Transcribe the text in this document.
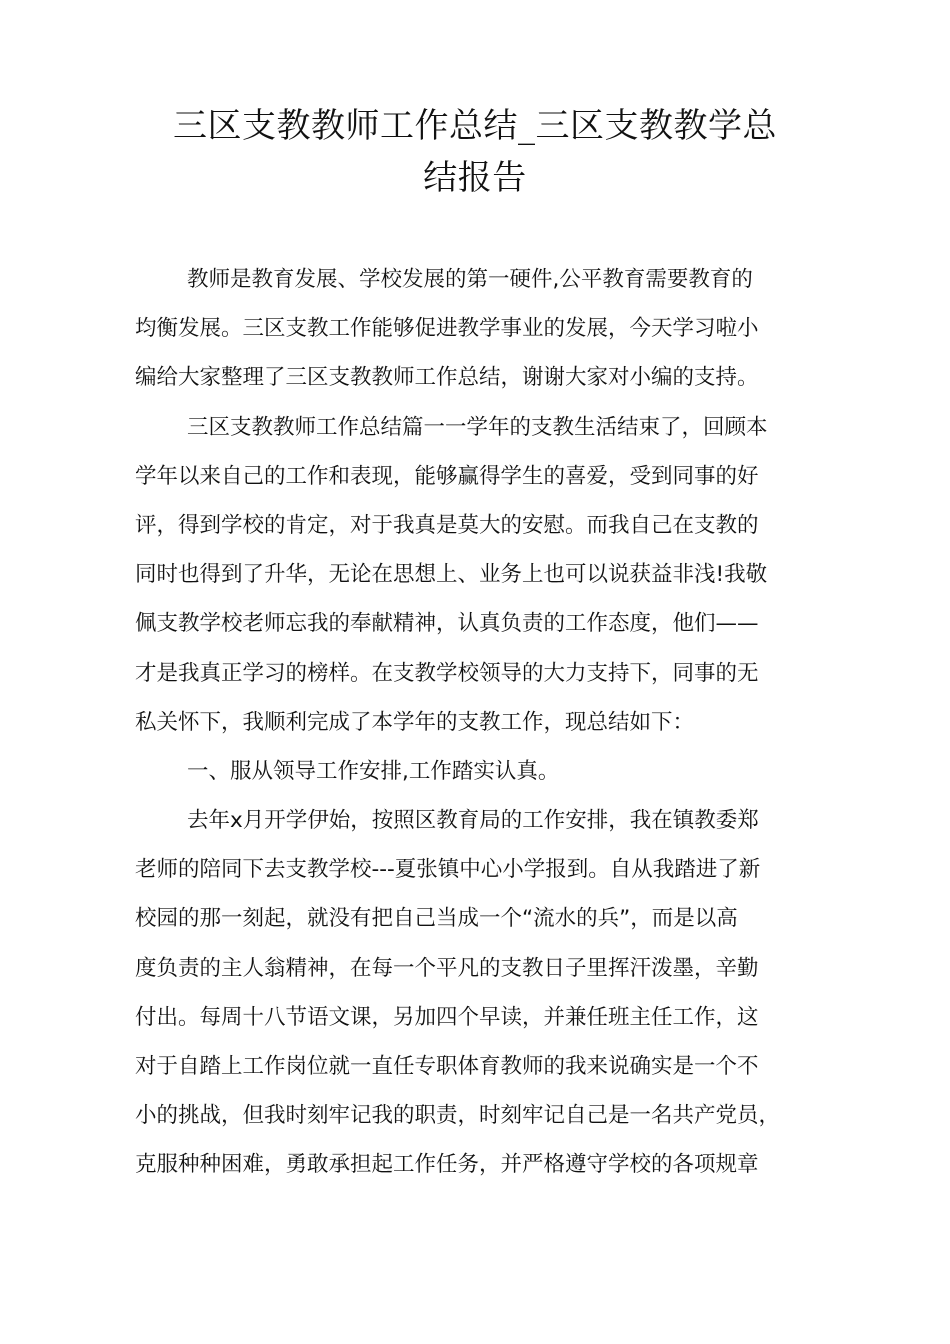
三区支教教师工作总结_三区支教教学总
结报告
教师是教育发展、学校发展的第一硬件,公平教育需要教育的
均衡发展。三区支教工作能够促进教学事业的发展，今天学习啦小
编给大家整理了三区支教教师工作总结，谢谢大家对小编的支持。
三区支教教师工作总结篇一一学年的支教生活结束了，回顾本
学年以来自己的工作和表现，能够赢得学生的喜爱，受到同事的好
评，得到学校的肯定，对于我真是莫大的安慰。而我自己在支教的
同时也得到了升华，无论在思想上、业务上也可以说获益非浅!我敬
佩支教学校老师忘我的奉献精神，认真负责的工作态度，他们——
才是我真正学习的榜样。在支教学校领导的大力支持下，同事的无
私关怀下，我顺利完成了本学年的支教工作，现总结如下：
一、服从领导工作安排,工作踏实认真。
去年x月开学伊始，按照区教育局的工作安排，我在镇教委郑
老师的陪同下去支教学校---夏张镇中心小学报到。自从我踏进了新
校园的那一刻起，就没有把自己当成一个“流水的兵”，而是以高
度负责的主人翁精神，在每一个平凡的支教日子里挥汗泼墨，辛勤
付出。每周十八节语文课，另加四个早读，并兼任班主任工作，这
对于自踏上工作岗位就一直任专职体育教师的我来说确实是一个不
小的挑战，但我时刻牢记我的职责，时刻牢记自己是一名共产党员，
克服种种困难，勇敢承担起工作任务，并严格遵守学校的各项规章
